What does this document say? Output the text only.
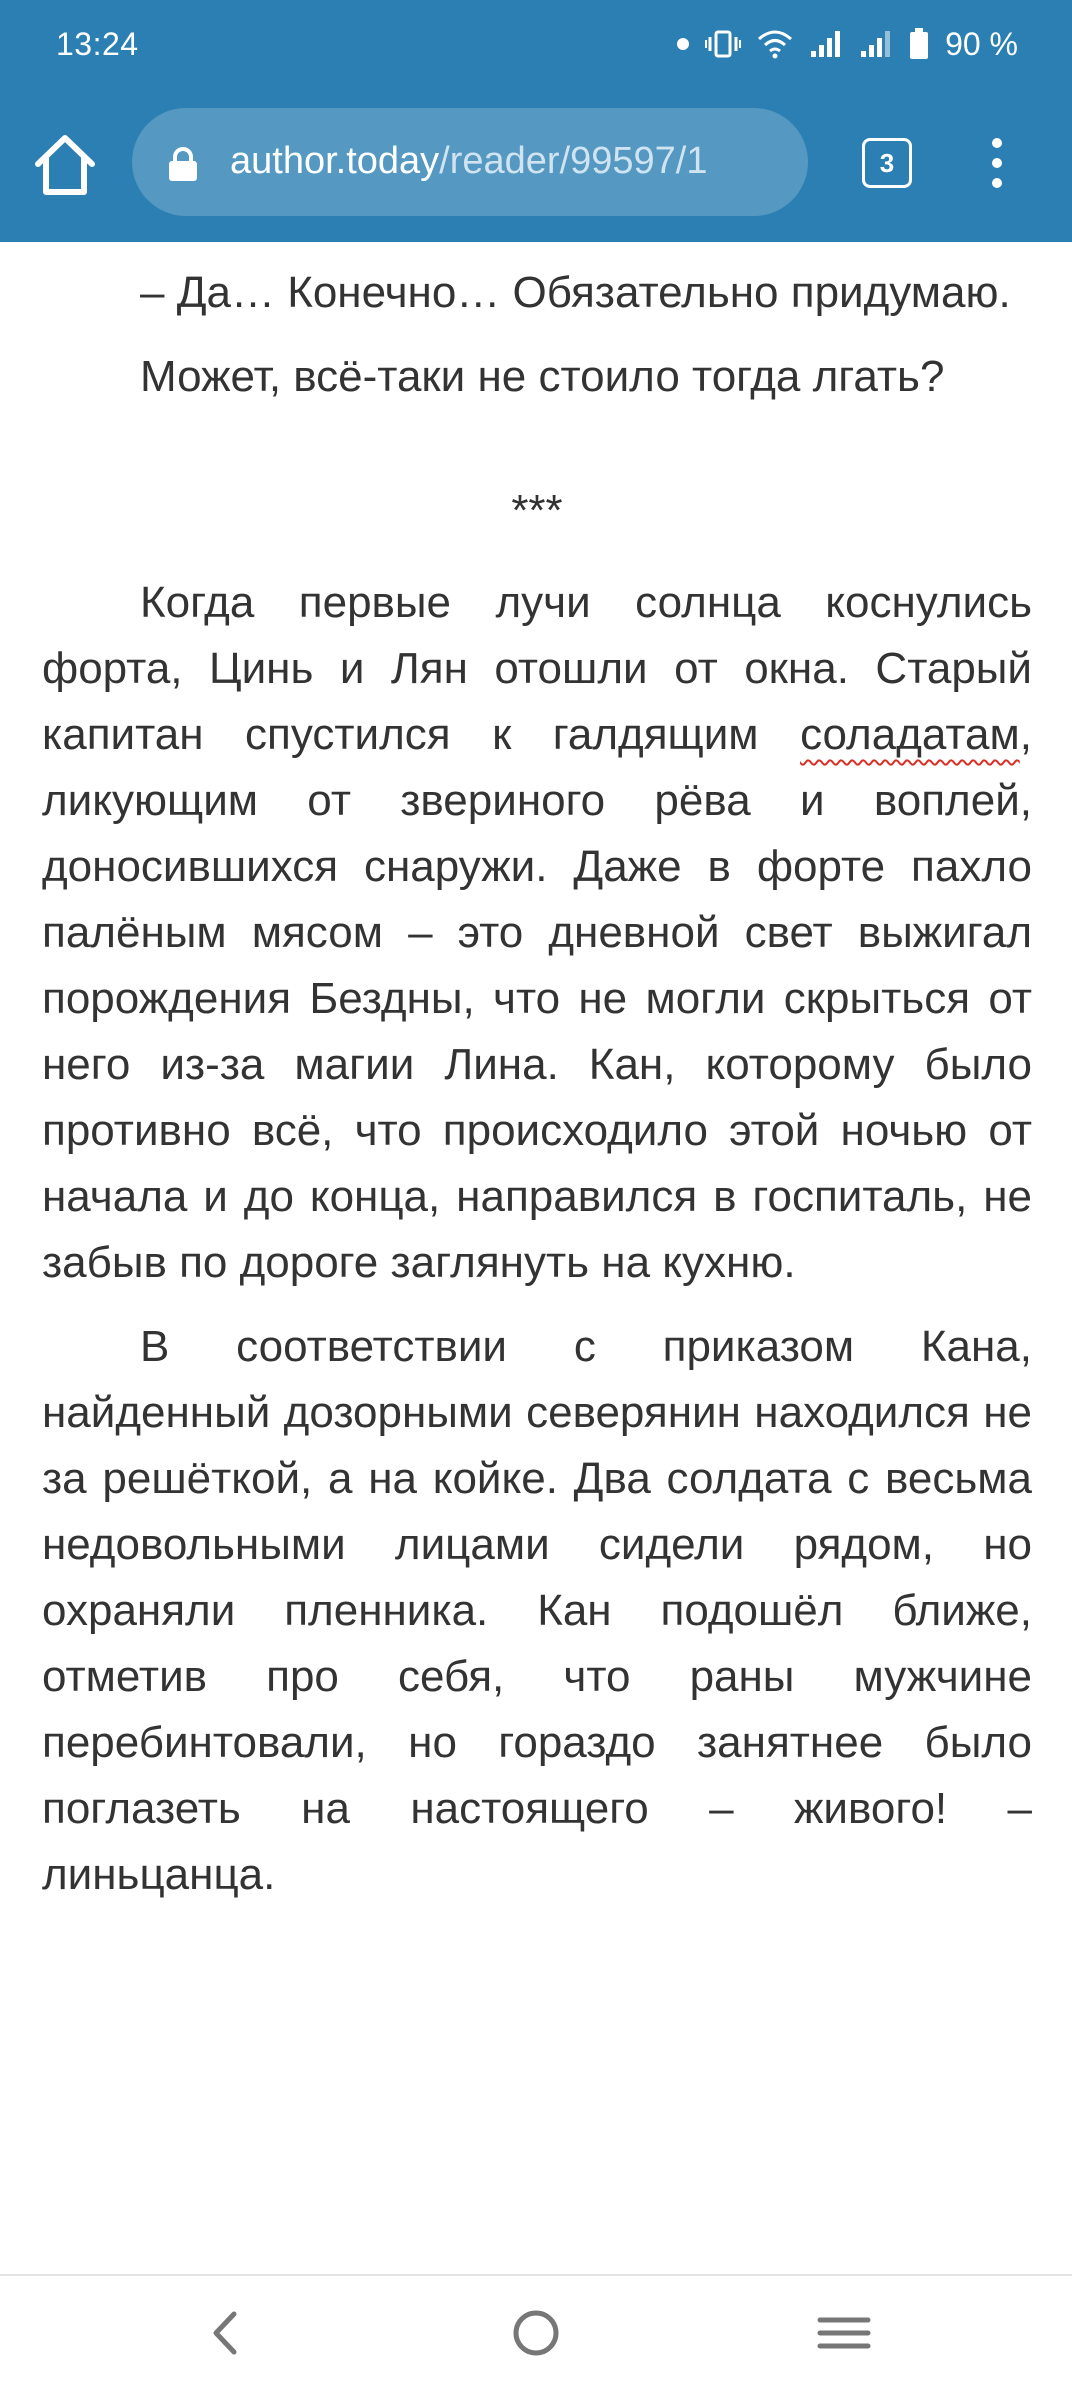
13:24	90 %
author.today/reader/99597/1	3

– Да… Конечно… Обязательно придумаю.

Может, всё-таки не стоило тогда лгать?

***

Когда первые лучи солнца коснулись форта, Цинь и Лян отошли от окна. Старый капитан спустился к галдящим соладатам, ликующим от звериного рёва и воплей, доносившихся снаружи. Даже в форте пахло палёным мясом – это дневной свет выжигал порождения Бездны, что не могли скрыться от него из-за магии Лина. Кан, которому было противно всё, что происходило этой ночью от начала и до конца, направился в госпиталь, не забыв по дороге заглянуть на кухню.

В соответствии с приказом Кана, найденный дозорными северянин находился не за решёткой, а на койке. Два солдата с весьма недовольными лицами сидели рядом, но охраняли пленника. Кан подошёл ближе, отметив про себя, что раны мужчине перебинтовали, но гораздо занятнее было поглазеть на настоящего – живого! – линьцанца.
